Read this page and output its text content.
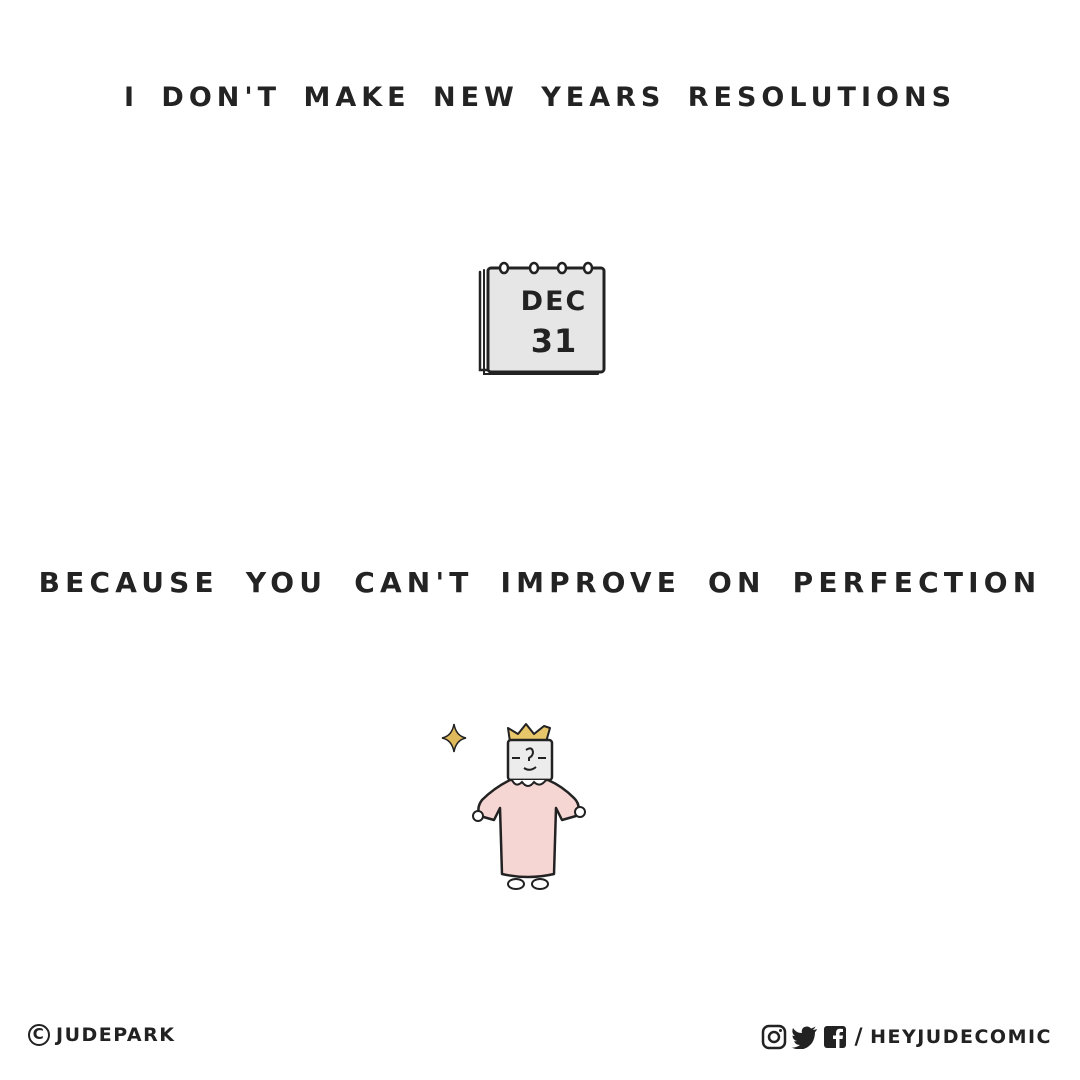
I DON'T MAKE NEW YEARS RESOLUTIONS
DEC
31
BECAUSE YOU CAN'T IMPROVE ON PERFECTION
C JUDEPARK	/ HEYJUDECOMIC
